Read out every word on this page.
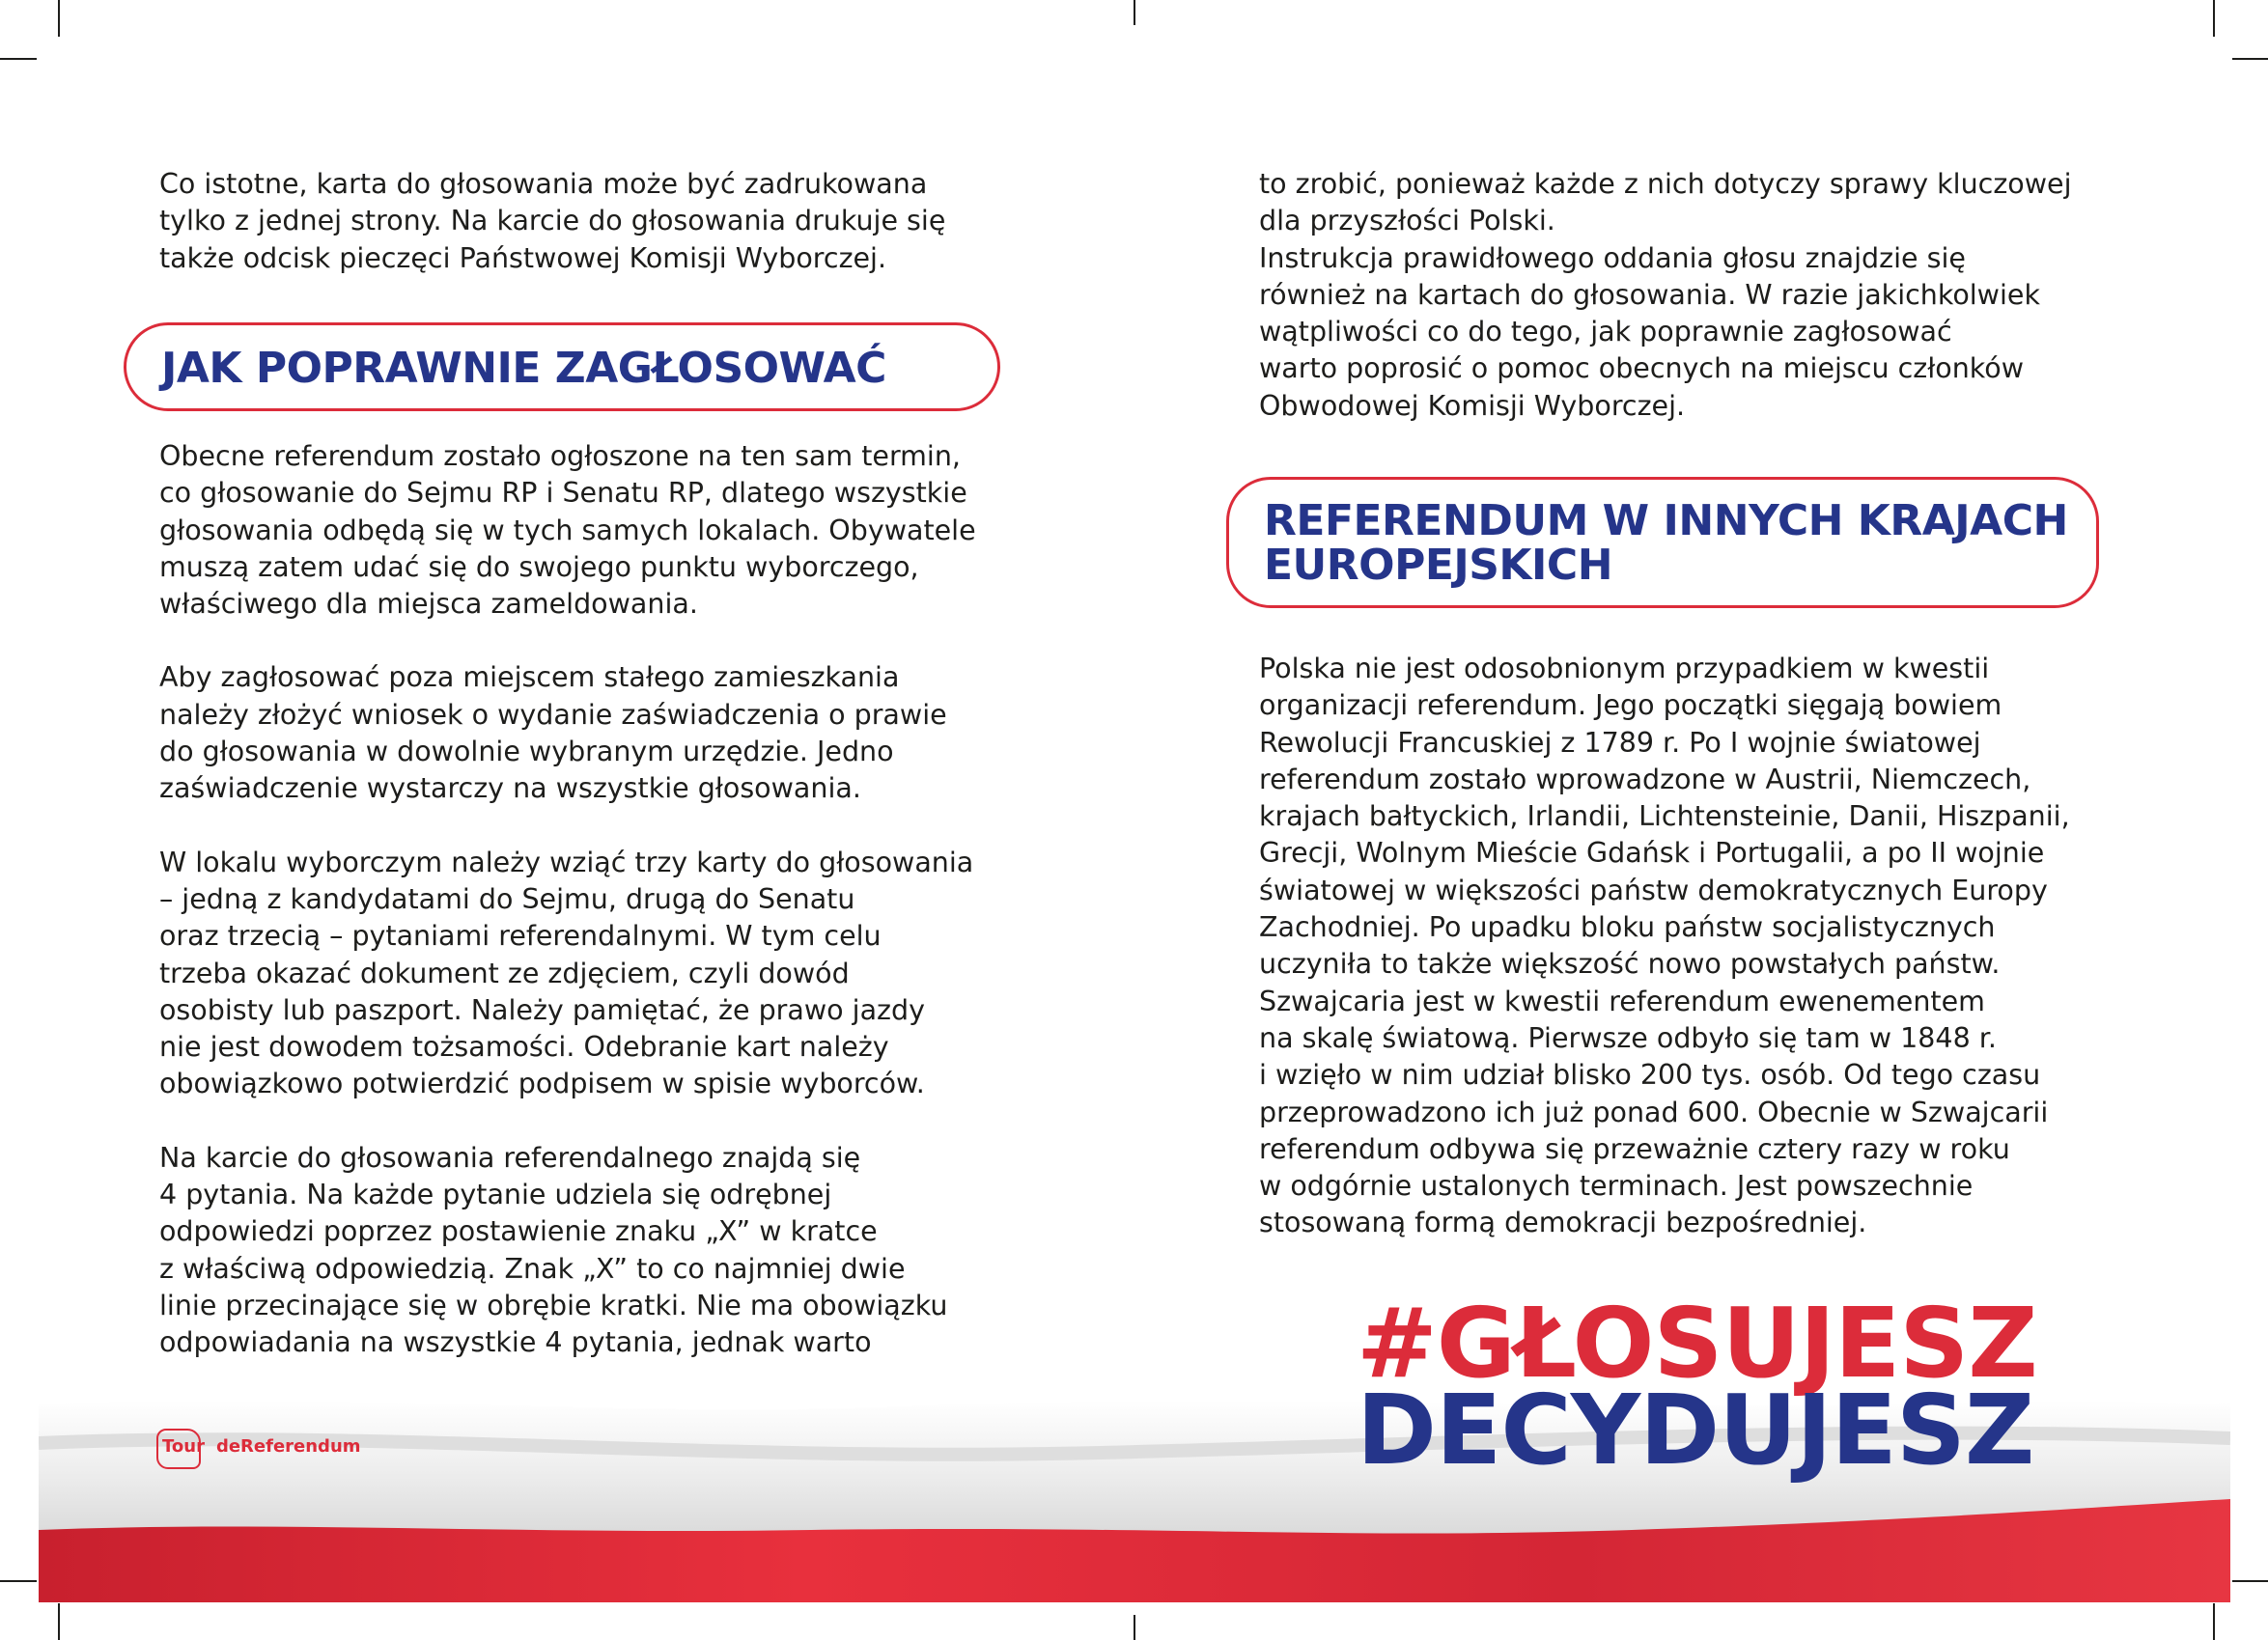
Tour deReferendum

Co istotne, karta do głosowania może być zadrukowana

tylko z jednej strony. Na karcie do głosowania drukuje się

także odcisk pieczęci Państwowej Komisji Wyborczej.

JAK POPRAWNIE ZAGŁOSOWAĆ

Obecne referendum zostało ogłoszone na ten sam termin,

co głosowanie do Sejmu RP i Senatu RP, dlatego wszystkie

głosowania odbędą się w tych samych lokalach. Obywatele

muszą zatem udać się do swojego punktu wyborczego,

właściwego dla miejsca zameldowania.

Aby zagłosować poza miejscem stałego zamieszkania

należy złożyć wniosek o wydanie zaświadczenia o prawie

do głosowania w dowolnie wybranym urzędzie. Jedno

zaświadczenie wystarczy na wszystkie głosowania.

W lokalu wyborczym należy wziąć trzy karty do głosowania

– jedną z kandydatami do Sejmu, drugą do Senatu

oraz trzecią – pytaniami referendalnymi. W tym celu

trzeba okazać dokument ze zdjęciem, czyli dowód

osobisty lub paszport. Należy pamiętać, że prawo jazdy

nie jest dowodem tożsamości. Odebranie kart należy

obowiązkowo potwierdzić podpisem w spisie wyborców.

Na karcie do głosowania referendalnego znajdą się

4 pytania. Na każde pytanie udziela się odrębnej

odpowiedzi poprzez postawienie znaku „X” w kratce

z właściwą odpowiedzią. Znak „X” to co najmniej dwie

linie przecinające się w obrębie kratki. Nie ma obowiązku

odpowiadania na wszystkie 4 pytania, jednak warto

to zrobić, ponieważ każde z nich dotyczy sprawy kluczowej

dla przyszłości Polski.

Instrukcja prawidłowego oddania głosu znajdzie się

również na kartach do głosowania. W razie jakichkolwiek

wątpliwości co do tego, jak poprawnie zagłosować

warto poprosić o pomoc obecnych na miejscu członków

Obwodowej Komisji Wyborczej.

REFERENDUM W INNYCH KRAJACH
EUROPEJSKICH

Polska nie jest odosobnionym przypadkiem w kwestii

organizacji referendum. Jego początki sięgają bowiem

Rewolucji Francuskiej z 1789 r. Po I wojnie światowej

referendum zostało wprowadzone w Austrii, Niemczech,

krajach bałtyckich, Irlandii, Lichtensteinie, Danii, Hiszpanii,

Grecji, Wolnym Mieście Gdańsk i Portugalii, a po II wojnie

światowej w większości państw demokratycznych Europy

Zachodniej. Po upadku bloku państw socjalistycznych

uczyniła to także większość nowo powstałych państw.

Szwajcaria jest w kwestii referendum ewenementem

na skalę światową. Pierwsze odbyło się tam w 1848 r.

i wzięło w nim udział blisko 200 tys. osób. Od tego czasu

przeprowadzono ich już ponad 600. Obecnie w Szwajcarii

referendum odbywa się przeważnie cztery razy w roku

w odgórnie ustalonych terminach. Jest powszechnie

stosowaną formą demokracji bezpośredniej.

#GŁOSUJESZ
DECYDUJESZ
